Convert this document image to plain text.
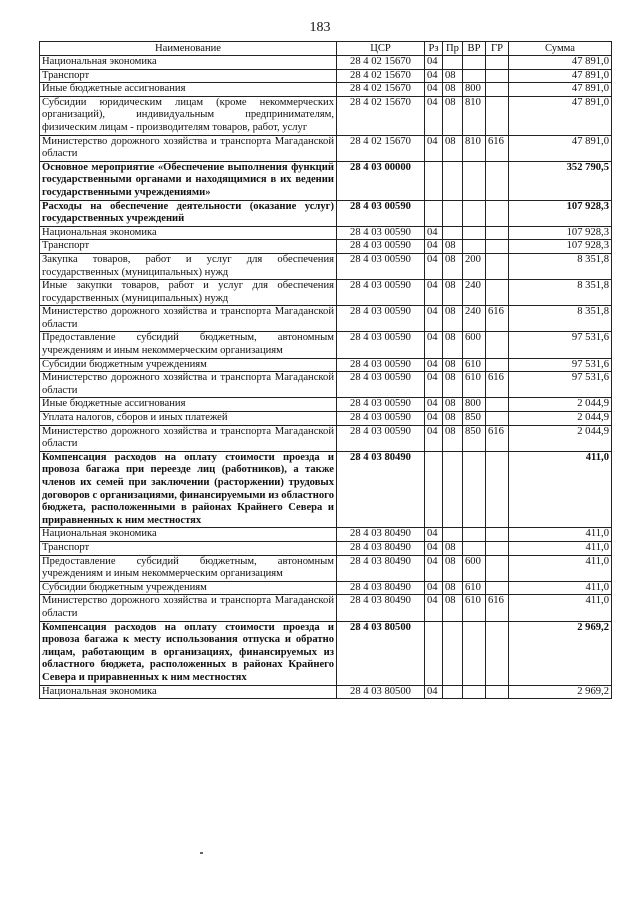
183
Наименование	ЦСР	Рз	Пр	ВР	ГР	Сумма
Национальная экономика	28 4 02 15670	04				47 891,0
Транспорт	28 4 02 15670	04	08			47 891,0
Иные бюджетные ассигнования	28 4 02 15670	04	08	800		47 891,0
Субсидии юридическим лицам (кроме некоммерческих организаций), индивидуальным предпринимателям, физическим лицам - производителям товаров, работ, услуг	28 4 02 15670	04	08	810		47 891,0
Министерство дорожного хозяйства и транспорта Магаданской области	28 4 02 15670	04	08	810	616	47 891,0
Основное мероприятие «Обеспечение выполнения функций государственными органами и находящимися в их ведении государственными учреждениями»	28 4 03 00000					352 790,5
Расходы на обеспечение деятельности (оказание услуг) государственных учреждений	28 4 03 00590					107 928,3
Национальная экономика	28 4 03 00590	04				107 928,3
Транспорт	28 4 03 00590	04	08			107 928,3
Закупка товаров, работ и услуг для обеспечения государственных (муниципальных) нужд	28 4 03 00590	04	08	200		8 351,8
Иные закупки товаров, работ и услуг для обеспечения государственных (муниципальных) нужд	28 4 03 00590	04	08	240		8 351,8
Министерство дорожного хозяйства и транспорта Магаданской области	28 4 03 00590	04	08	240	616	8 351,8
Предоставление субсидий бюджетным, автономным учреждениям и иным некоммерческим организациям	28 4 03 00590	04	08	600		97 531,6
Субсидии бюджетным учреждениям	28 4 03 00590	04	08	610		97 531,6
Министерство дорожного хозяйства и транспорта Магаданской области	28 4 03 00590	04	08	610	616	97 531,6
Иные бюджетные ассигнования	28 4 03 00590	04	08	800		2 044,9
Уплата налогов, сборов и иных платежей	28 4 03 00590	04	08	850		2 044,9
Министерство дорожного хозяйства и транспорта Магаданской области	28 4 03 00590	04	08	850	616	2 044,9
Компенсация расходов на оплату стоимости проезда и провоза багажа при переезде лиц (работников), а также членов их семей при заключении (расторжении) трудовых договоров с организациями, финансируемыми из областного бюджета, расположенными в районах Крайнего Севера и приравненных к ним местностях	28 4 03 80490					411,0
Национальная экономика	28 4 03 80490	04				411,0
Транспорт	28 4 03 80490	04	08			411,0
Предоставление субсидий бюджетным, автономным учреждениям и иным некоммерческим организациям	28 4 03 80490	04	08	600		411,0
Субсидии бюджетным учреждениям	28 4 03 80490	04	08	610		411,0
Министерство дорожного хозяйства и транспорта Магаданской области	28 4 03 80490	04	08	610	616	411,0
Компенсация расходов на оплату стоимости проезда и провоза багажа к месту использования отпуска и обратно лицам, работающим в организациях, финансируемых из областного бюджета, расположенных в районах Крайнего Севера и приравненных к ним местностях	28 4 03 80500					2 969,2
Национальная экономика	28 4 03 80500	04				2 969,2
